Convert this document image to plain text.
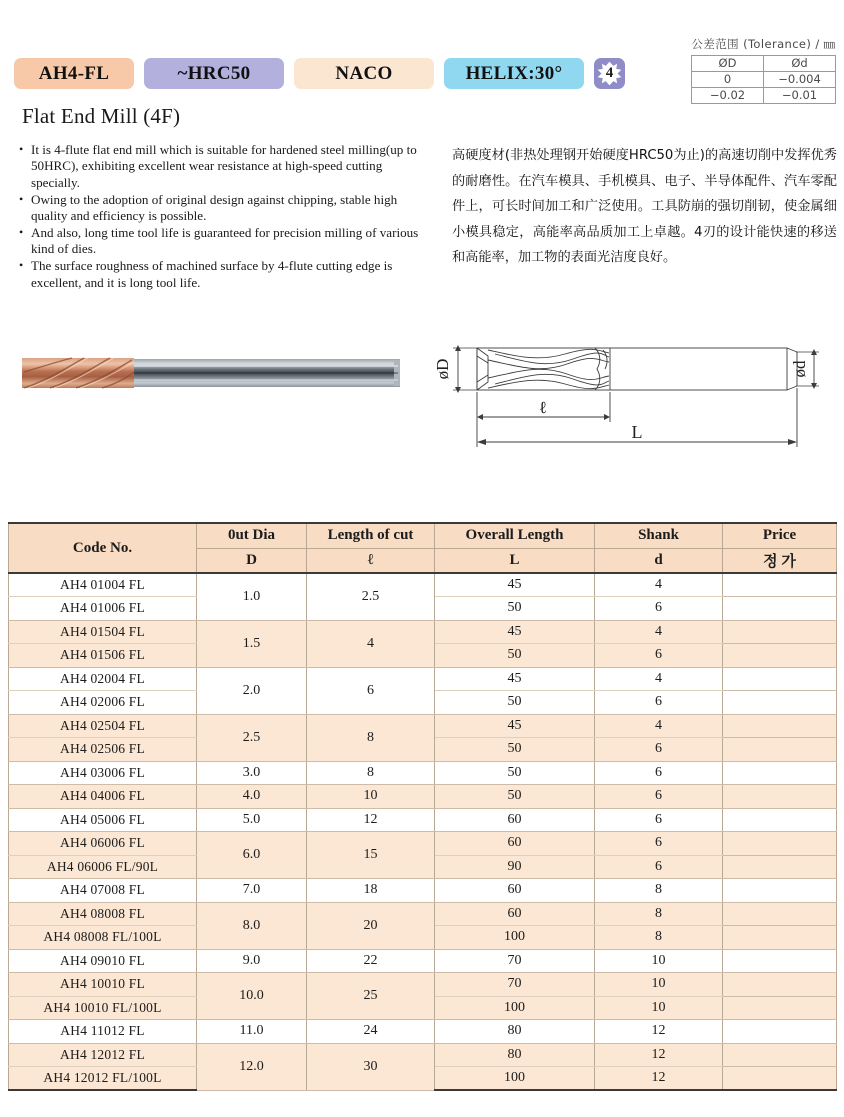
公差范围 (Tolerance) / ㎜
ØD	Ød
0	−0.004
−0.02	−0.01
AH4-FL	~HRC50	NACO	HELIX:30°	4
Flat End Mill (4F)
• It is 4-flute flat end mill which is suitable for hardened steel milling(up to 50HRC), exhibiting excellent wear resistance at high-speed cutting specially.
• Owing to the adoption of original design against chipping, stable high quality and efficiency is possible.
• And also, long time tool life is guaranteed for precision milling of various kind of dies.
• The surface roughness of machined surface by 4-flute cutting edge is excellent, and it is long tool life.
高硬度材(非热处理钢开始硬度HRC50为止)的高速切削中发挥优秀的耐磨性。在汽车模具、手机模具、电子、半导体配件、汽车零配件上，可长时间加工和广泛使用。工具防崩的强切削韧，使金属细小模具稳定，高能率高品质加工上卓越。4刃的设计能快速的移送和高能率，加工物的表面光洁度良好。
øD	ød
ℓ
L
Code No.	0ut Dia	Length of cut	Overall Length	Shank	Price
	D	ℓ	L	d	정 가
AH4 01004 FL	1.0	2.5	45	4	
AH4 01006 FL			50	6	
AH4 01504 FL	1.5	4	45	4	
AH4 01506 FL			50	6	
AH4 02004 FL	2.0	6	45	4	
AH4 02006 FL			50	6	
AH4 02504 FL	2.5	8	45	4	
AH4 02506 FL			50	6	
AH4 03006 FL	3.0	8	50	6	
AH4 04006 FL	4.0	10	50	6	
AH4 05006 FL	5.0	12	60	6	
AH4 06006 FL	6.0	15	60	6	
AH4 06006 FL/90L			90	6	
AH4 07008 FL	7.0	18	60	8	
AH4 08008 FL	8.0	20	60	8	
AH4 08008 FL/100L			100	8	
AH4 09010 FL	9.0	22	70	10	
AH4 10010 FL	10.0	25	70	10	
AH4 10010 FL/100L			100	10	
AH4 11012 FL	11.0	24	80	12	
AH4 12012 FL	12.0	30	80	12	
AH4 12012 FL/100L			100	12	
